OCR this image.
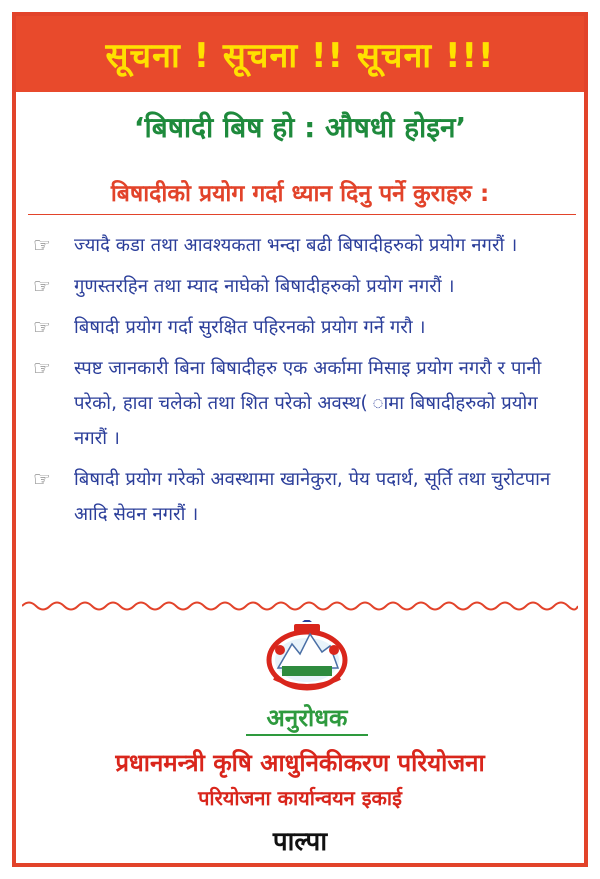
सूचना ! सूचना !! सूचना !!!
‘बिषादी बिष हो : औषधी होइन’
बिषादीको प्रयोग गर्दा ध्यान दिनु पर्ने कुराहरु :
☞ ज्यादै कडा तथा आवश्यकता भन्दा बढी बिषादीहरुको प्रयोग नगरौं ।
☞ गुणस्तरहिन तथा म्याद नाघेको बिषादीहरुको प्रयोग नगरौं ।
☞ बिषादी प्रयोग गर्दा सुरक्षित पहिरनको प्रयोग गर्ने गरौ ।
☞ स्पष्ट जानकारी बिना बिषादीहरु एक अर्कामा मिसाइ प्रयोग नगरौ र पानी परेको, हावा चलेको तथा शित परेको अवस्थ( ामा बिषादीहरुको प्रयोग नगरौं ।
☞ बिषादी प्रयोग गरेको अवस्थामा खानेकुरा, पेय पदार्थ, सूर्ति तथा चुरोटपान आदि सेवन नगरौं ।
अनुरोधक
प्रधानमन्त्री कृषि आधुनिकीकरण परियोजना
परियोजना कार्यान्वयन इकाई
पाल्पा
